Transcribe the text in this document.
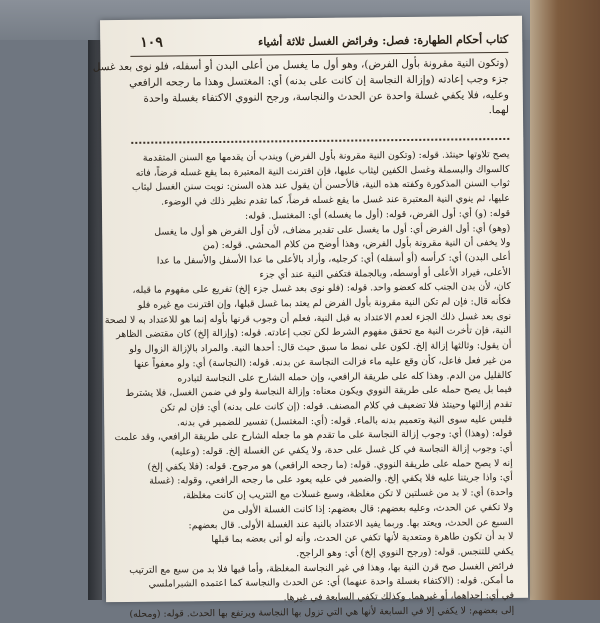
كتاب أحكام الطهارة: فصل: وفرائض الغسل ثلاثة أشياء
١٠٩
(وتكون النية مقرونة بأول الفرض)، وهو أول ما يغسل من أعلى البدن أو أسفله، فلو نوى بعد غسل
جزء وجب إعادته (وإزالة النجاسة إن كانت على بدنه) أي: المغتسل وهذا ما رجحه الرافعي
وعليه، فلا يكفي غسلة واحدة عن الحدث والنجاسة، ورجح النووي الاكتفاء بغسلة واحدة
لهما.
يصح تلاوتها حينئذ. قوله: (وتكون النية مقرونة بأول الفرض) ويندب أن يقدمها مع السنن المتقدمة
كالسواك والبسملة وغسل الكفين ليثاب عليها، فإن اقترنت النية المعتبرة بما يقع غسله فرضاً، فاته
ثواب السنن المذكورة وكفته هذه النية، فالأحسن أن يقول عند هذه السنن: نويت سنن الغسل ليثاب
عليها، ثم ينوي النية المعتبرة عند غسل ما يقع غسله فرضاً، كما تقدم نظير ذلك في الوضوء.
قوله: (و) أي: أول الفرض، قوله: (أول ما يغسله) أي: المغتسل. قوله:
(وهو) أي: أول الفرض أي: أول ما يغسل على تقدير مضاف، لأن أول الفرض هو أول ما يغسل
ولا يخفى أن النية مقرونة بأول الفرض، وهذا أوضح من كلام المحشي. قوله: (من
أعلى البدن) أي: كرأسه (أو أسفله) أي: كرجليه، وأراد بالأعلى ما عدا الأسفل والأسفل ما عدا
الأعلى، فيراد الأعلى أو أوسطه، وبالجملة فتكفي النية عند أي جزء
كان، لأن بدن الجنب كله كعضو واحد. قوله: (فلو نوى بعد غسل جزء إلخ) تفريع على مفهوم ما قبله،
فكأنه قال: فإن لم تكن النية مقرونة بأول الفرض لم يعتد بما غسل قبلها، وإن اقترنت مع غيره فلو
نوى بعد غسل ذلك الجزء لعدم الاعتداد به قبل النية، فعلم أن وجوب قرنها بأوله إنما هو للاعتداد به لا لصحة
النية، فإن تأخرت النية مع تحقق مفهوم الشرط لكن تجب إعادته. قوله: (وإزالة إلخ) كان مقتضى الظاهر
أن يقول: وثالثها إزالة إلخ. لكون على نمط ما سبق حيث قال: أحدها النية. والمراد بالإزالة الزوال ولو
من غير فعل فاعل، كأن وقع عليه ماء فزالت النجاسة عن بدنه. قوله: (النجاسة) أي: ولو معفواً عنها
كالقليل من الدم. وهذا كله على طريقة الرافعي، وإن حمله الشارح على النجاسة لتبادره
فيما بل يصح حمله على طريقة النووي ويكون معناه: وإزالة النجاسة ولو في ضمن الغسل، فلا يشترط
تقدم إزالتها وحينئذ فلا تضعيف في كلام المصنف. قوله: (إن كانت على بدنه) أي: فإن لم تكن
فليس عليه سوى النية وتعميم بدنه بالماء. قوله: (أي: المغتسل) تفسير للضمير في بدنه.
قوله: (وهذا) أي: وجوب إزالة النجاسة على ما تقدم هو ما جعله الشارح على طريقة الرافعي، وقد علمت
أي: وجوب إزالة النجاسة في كل غسل على حدة، ولا يكفي عن الغسلة إلخ. قوله: (وعليه)
إنه لا يصح حمله على طريقة النووي. قوله: (ما رجحه الرافعي) هو مرجوح. قوله: (فلا يكفي إلخ)
أي: واذا جريتنا عليه فلا يكفي إلخ. والضمير في عليه يعود على ما رجحه الرافعي، وقوله: (غسلة
واحدة) أي: لا بد من غسلتين لا تكن مغلظة، وسبع غسلات مع التتريب إن كانت مغلظة،
ولا تكفي عن الحدث، وعليه بعضهم: قال بعضهم: إذا كانت الغسلة الأولى من
السبع عن الحدث، ويعتد بها. وربما يفيد الاعتداد بالنية عند الغسلة الأولى. قال بعضهم:
لا بد أن تكون طاهرة ومتعدية لأنها تكفي عن الحدث، وأنه لو أتى بعضه بما قبلها
يكفي للتنجس. قوله: (ورجح النووي إلخ) أي: وهو الراجح.
فرائض الغسل صح قرن النية بها، وهذا في غير النجاسة المغلظة، وأما فيها فلا بد من سبع مع الترتيب
ما أمكن. قوله: (الاكتفاء بغسلة واحدة عنهما) أي: عن الحدث والنجاسة كما اعتمده الشبراملسي
في أي: إحداهما، أو غيرهما. وكذلك تكفي السابعة في غيرها.
إلى بعضهم: لا يكفي إلا في السابعة لأنها هي التي تزول بها النجاسة ويرتفع بها الحدث. قوله: (ومحله)
